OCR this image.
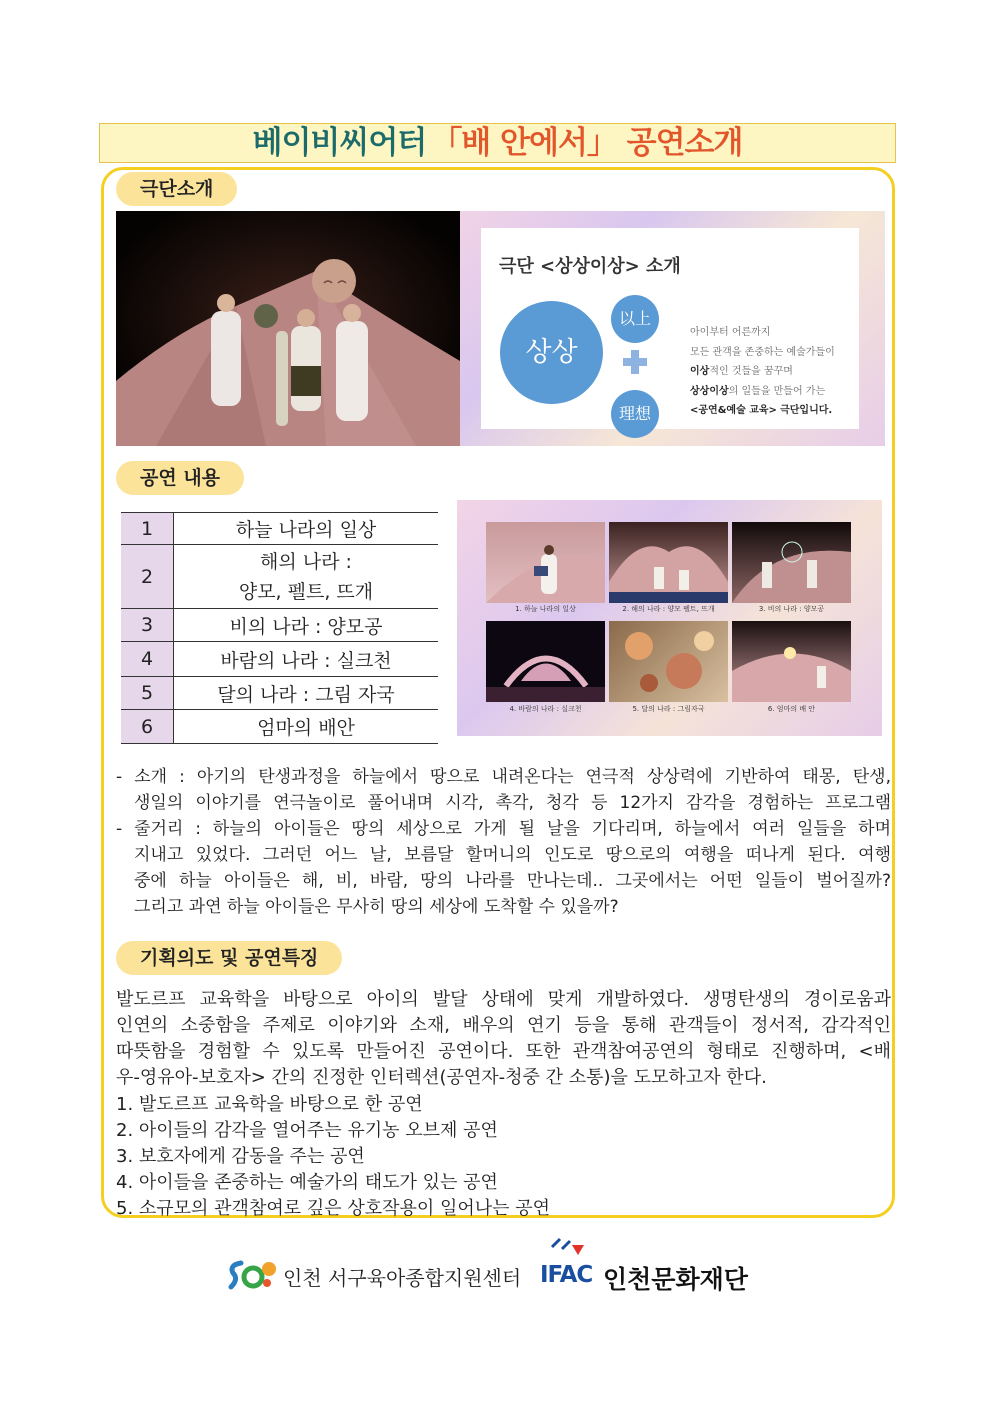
베이비씨어터 「배 안에서」 공연소개
극단소개
극단 <상상이상> 소개
상상
以上
理想
아이부터 어른까지
모든 관객을 존중하는 예술가들이
이상적인 것들을 꿈꾸며
상상이상의 일들을 만들어 가는
<공연&예술 교육> 극단입니다.
공연 내용
1	하늘 나라의 일상
2	해의 나라 :
양모, 펠트, 뜨개

3	비의 나라 : 양모공
4	바람의 나라 : 실크천
5	달의 나라 : 그림 자국
6	엄마의 배안
1. 하늘 나라의 일상	2. 해의 나라 : 양모 펠트, 뜨개	3. 비의 나라 : 양모공
4. 바람의 나라 : 실크천	5. 달의 나라 : 그림자국	6. 엄마의 배 안
- 소개 : 아기의 탄생과정을 하늘에서 땅으로 내려온다는 연극적 상상력에 기반하여 태몽, 탄생,
생일의 이야기를 연극놀이로 풀어내며 시각, 촉각, 청각 등 12가지 감각을 경험하는 프로그램
- 줄거리 : 하늘의 아이들은 땅의 세상으로 가게 될 날을 기다리며, 하늘에서 여러 일들을 하며
지내고 있었다. 그러던 어느 날, 보름달 할머니의 인도로 땅으로의 여행을 떠나게 된다. 여행
중에 하늘 아이들은 해, 비, 바람, 땅의 나라를 만나는데.. 그곳에서는 어떤 일들이 벌어질까?
그리고 과연 하늘 아이들은 무사히 땅의 세상에 도착할 수 있을까?
기획의도 및 공연특징
발도르프 교육학을 바탕으로 아이의 발달 상태에 맞게 개발하였다. 생명탄생의 경이로움과
인연의 소중함을 주제로 이야기와 소재, 배우의 연기 등을 통해 관객들이 정서적, 감각적인
따뜻함을 경험할 수 있도록 만들어진 공연이다. 또한 관객참여공연의 형태로 진행하며, <배
우-영유아-보호자> 간의 진정한 인터렉션(공연자-청중 간 소통)을 도모하고자 한다.
1. 발도르프 교육학을 바탕으로 한 공연
2. 아이들의 감각을 열어주는 유기농 오브제 공연
3. 보호자에게 감동을 주는 공연
4. 아이들을 존중하는 예술가의 태도가 있는 공연
5. 소규모의 관객참여로 깊은 상호작용이 일어나는 공연
인천 서구육아종합지원센터 IFAC 인천문화재단
